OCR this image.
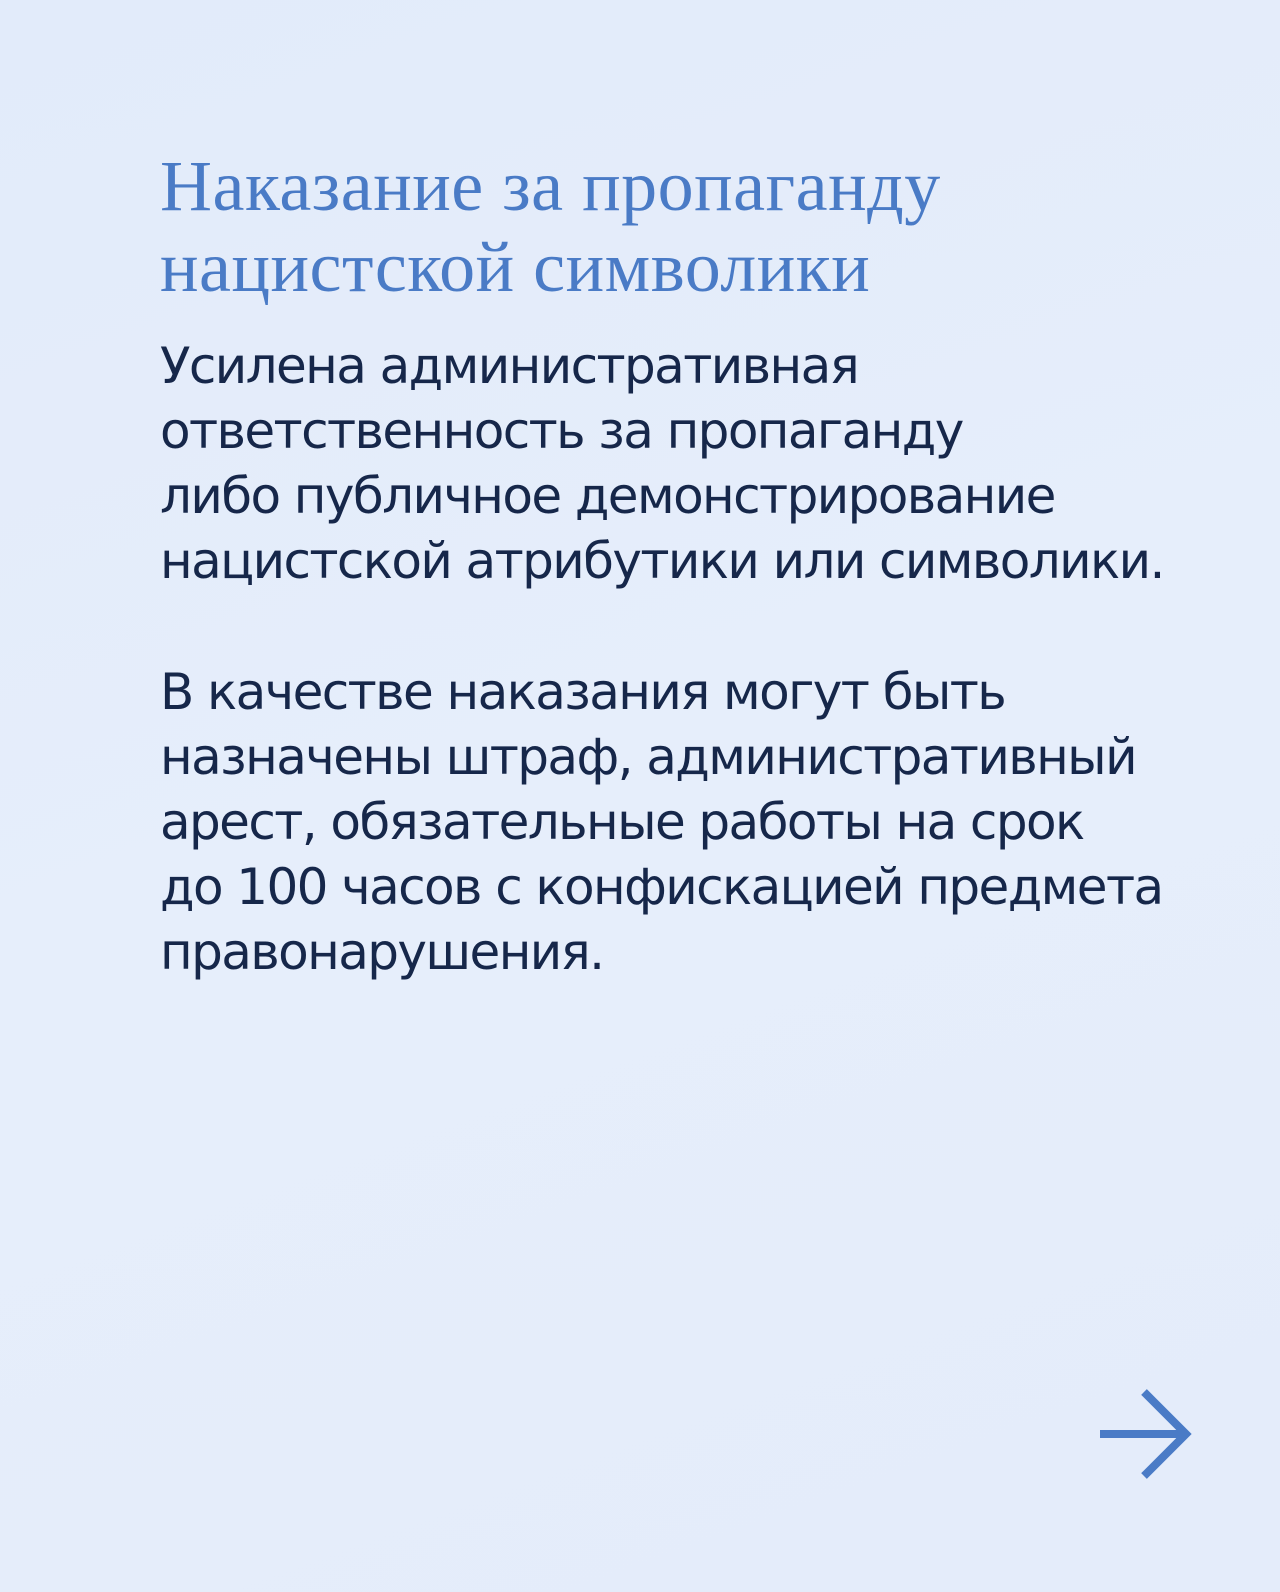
Наказание за пропаганду
нацистской символики

Усилена административная
ответственность за пропаганду
либо публичное демонстрирование
нацистской атрибутики или символики.

В качестве наказания могут быть
назначены штраф, административный
арест, обязательные работы на срок
до 100 часов с конфискацией предмета
правонарушения.
